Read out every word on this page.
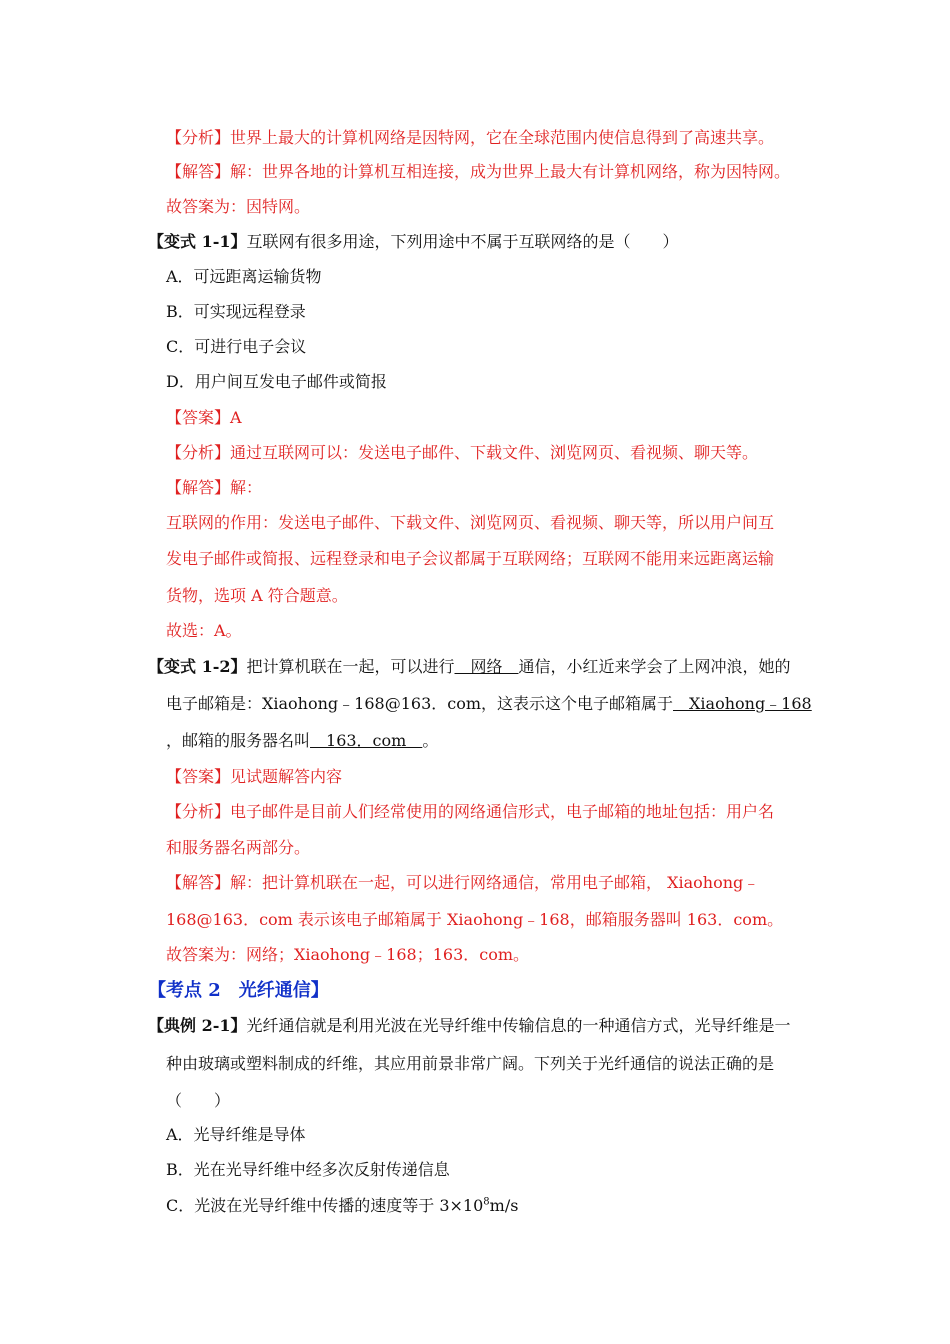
【分析】世界上最大的计算机网络是因特网，它在全球范围内使信息得到了高速共享。
【解答】解：世界各地的计算机互相连接，成为世界上最大有计算机网络，称为因特网。
故答案为：因特网。
【变式 1-1】互联网有很多用途，下列用途中不属于互联网络的是（　　）
A．可远距离运输货物
B．可实现远程登录
C．可进行电子会议
D．用户间互发电子邮件或简报
【答案】A
【分析】通过互联网可以：发送电子邮件、下载文件、浏览网页、看视频、聊天等。
【解答】解：
互联网的作用：发送电子邮件、下载文件、浏览网页、看视频、聊天等，所以用户间互
发电子邮件或简报、远程登录和电子会议都属于互联网络；互联网不能用来远距离运输
货物，选项 A 符合题意。
故选：A。
【变式 1-2】把计算机联在一起，可以进行　网络　通信，小红近来学会了上网冲浪，她的
电子邮箱是：Xiaohong﹣168@163．com，这表示这个电子邮箱属于　Xiaohong﹣168
，邮箱的服务器名叫　163．com　。
【答案】见试题解答内容
【分析】电子邮件是目前人们经常使用的网络通信形式，电子邮箱的地址包括：用户名
和服务器名两部分。
【解答】解：把计算机联在一起，可以进行网络通信，常用电子邮箱， Xiaohong﹣
168@163．com 表示该电子邮箱属于 Xiaohong﹣168，邮箱服务器叫 163．com。
故答案为：网络；Xiaohong﹣168；163．com。
【考点 2　光纤通信】
【典例 2-1】光纤通信就是利用光波在光导纤维中传输信息的一种通信方式，光导纤维是一
种由玻璃或塑料制成的纤维，其应用前景非常广阔。下列关于光纤通信的说法正确的是
（　　）
A．光导纤维是导体
B．光在光导纤维中经多次反射传递信息
C．光波在光导纤维中传播的速度等于 $3\times 10^8m/s$
